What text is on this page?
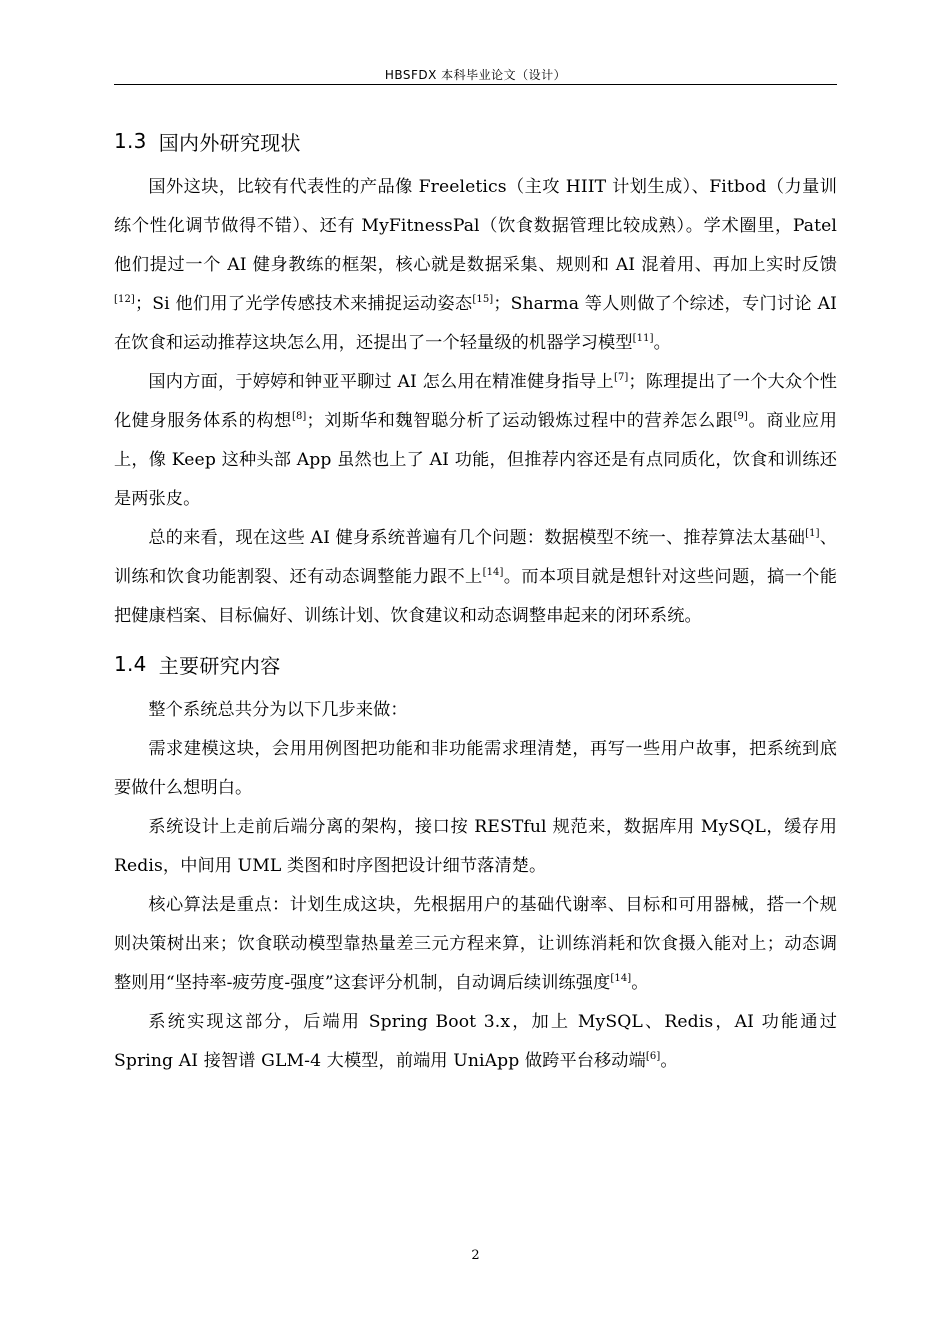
HBSFDX 本科毕业论文（设计）
1.3 国内外研究现状

国外这块，比较有代表性的产品像 Freeletics（主攻 HIIT 计划生成）、Fitbod（力量训练个性化调节做得不错）、还有 MyFitnessPal（饮食数据管理比较成熟）。学术圈里，Patel 他们提过一个 AI 健身教练的框架，核心就是数据采集、规则和 AI 混着用、再加上实时反馈[12]；Si 他们用了光学传感技术来捕捉运动姿态[15]；Sharma 等人则做了个综述，专门讨论 AI 在饮食和运动推荐这块怎么用，还提出了一个轻量级的机器学习模型[11]。

国内方面，于婷婷和钟亚平聊过 AI 怎么用在精准健身指导上[7]；陈理提出了一个大众个性化健身服务体系的构想[8]；刘斯华和魏智聪分析了运动锻炼过程中的营养怎么跟[9]。商业应用上，像 Keep 这种头部 App 虽然也上了 AI 功能，但推荐内容还是有点同质化，饮食和训练还是两张皮。

总的来看，现在这些 AI 健身系统普遍有几个问题：数据模型不统一、推荐算法太基础[1]、训练和饮食功能割裂、还有动态调整能力跟不上[14]。而本项目就是想针对这些问题，搞一个能把健康档案、目标偏好、训练计划、饮食建议和动态调整串起来的闭环系统。

1.4 主要研究内容

整个系统总共分为以下几步来做：

需求建模这块，会用用例图把功能和非功能需求理清楚，再写一些用户故事，把系统到底要做什么想明白。

系统设计上走前后端分离的架构，接口按 RESTful 规范来，数据库用 MySQL，缓存用 Redis，中间用 UML 类图和时序图把设计细节落清楚。

核心算法是重点：计划生成这块，先根据用户的基础代谢率、目标和可用器械，搭一个规则决策树出来；饮食联动模型靠热量差三元方程来算，让训练消耗和饮食摄入能对上；动态调整则用“坚持率-疲劳度-强度”这套评分机制，自动调后续训练强度[14]。

系统实现这部分，后端用 Spring Boot 3.x，加上 MySQL、Redis，AI 功能通过 Spring AI 接智谱 GLM-4 大模型，前端用 UniApp 做跨平台移动端[6]。

2
